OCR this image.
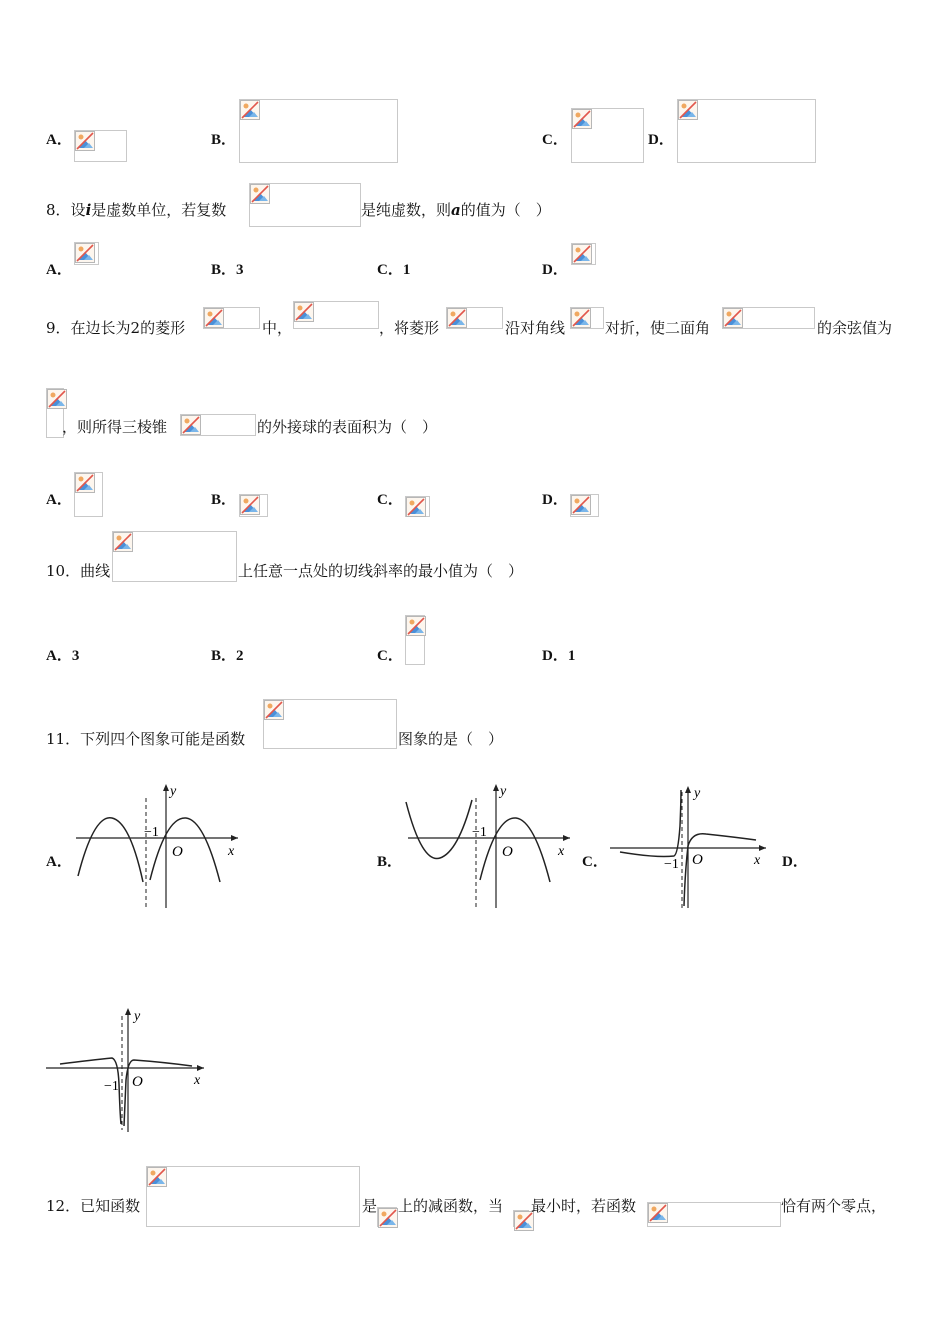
A．	B．	C．	D．
8．设i是虚数单位，若复数	是纯虚数，则a的值为（　）
A．	B．3	C．1	D．
9．在边长为2的菱形	中，	，将菱形	沿对角线	对折，使二面角	的余弦值为
，则所得三棱锥	的外接球的表面积为（　）
A．	B．	C．	D．
10．曲线	上任意一点处的切线斜率的最小值为（　）
A．3	B．2	C．	D．1
11．下列四个图象可能是函数	图象的是（　）
A．
y
x
O
−1
B．
y
x
O
−1
C．
y
x
O
−1	D．
y
x
O
−1
12．已知函数	是 上的减函数，当 最小时，若函数	恰有两个零点，
